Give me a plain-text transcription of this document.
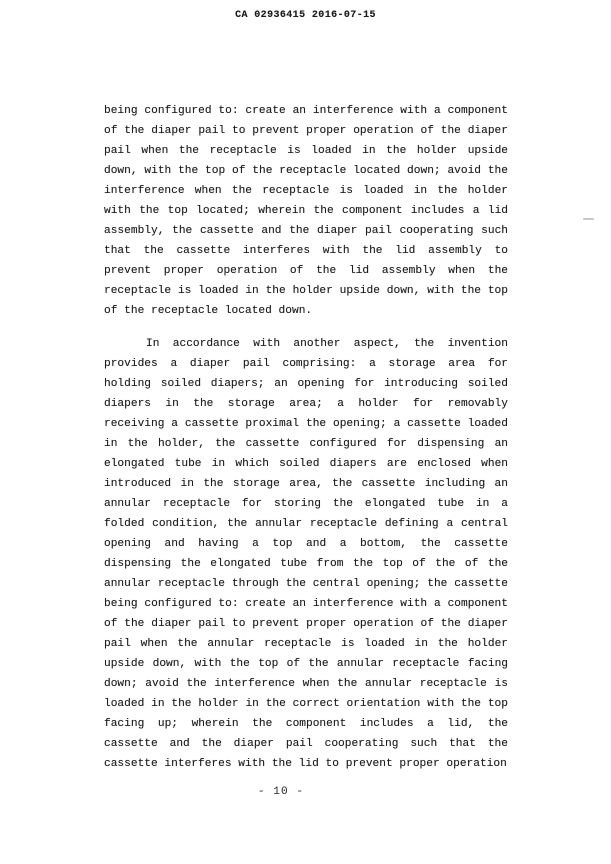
CA 02936415 2016-07-15
being configured to: create an interference with a component
of the diaper pail to prevent proper operation of the diaper
pail when the receptacle is loaded in the holder upside
down, with the top of the receptacle located down; avoid the
interference when the receptacle is loaded in the holder
with the top located; wherein the component includes a lid
assembly, the cassette and the diaper pail cooperating such
that the cassette interferes with the lid assembly to
prevent proper operation of the lid assembly when the
receptacle is loaded in the holder upside down, with the top
of the receptacle located down.
In accordance with another aspect, the invention
provides a diaper pail comprising: a storage area for
holding soiled diapers; an opening for introducing soiled
diapers in the storage area; a holder for removably
receiving a cassette proximal the opening; a cassette loaded
in the holder, the cassette configured for dispensing an
elongated tube in which soiled diapers are enclosed when
introduced in the storage area, the cassette including an
annular receptacle for storing the elongated tube in a
folded condition, the annular receptacle defining a central
opening and having a top and a bottom, the cassette
dispensing the elongated tube from the top of the of the
annular receptacle through the central opening; the cassette
being configured to: create an interference with a component
of the diaper pail to prevent proper operation of the diaper
pail when the annular receptacle is loaded in the holder
upside down, with the top of the annular receptacle facing
down; avoid the interference when the annular receptacle is
loaded in the holder in the correct orientation with the top
facing up; wherein the component includes a lid, the
cassette and the diaper pail cooperating such that the
cassette interferes with the lid to prevent proper operation
- 10 -
